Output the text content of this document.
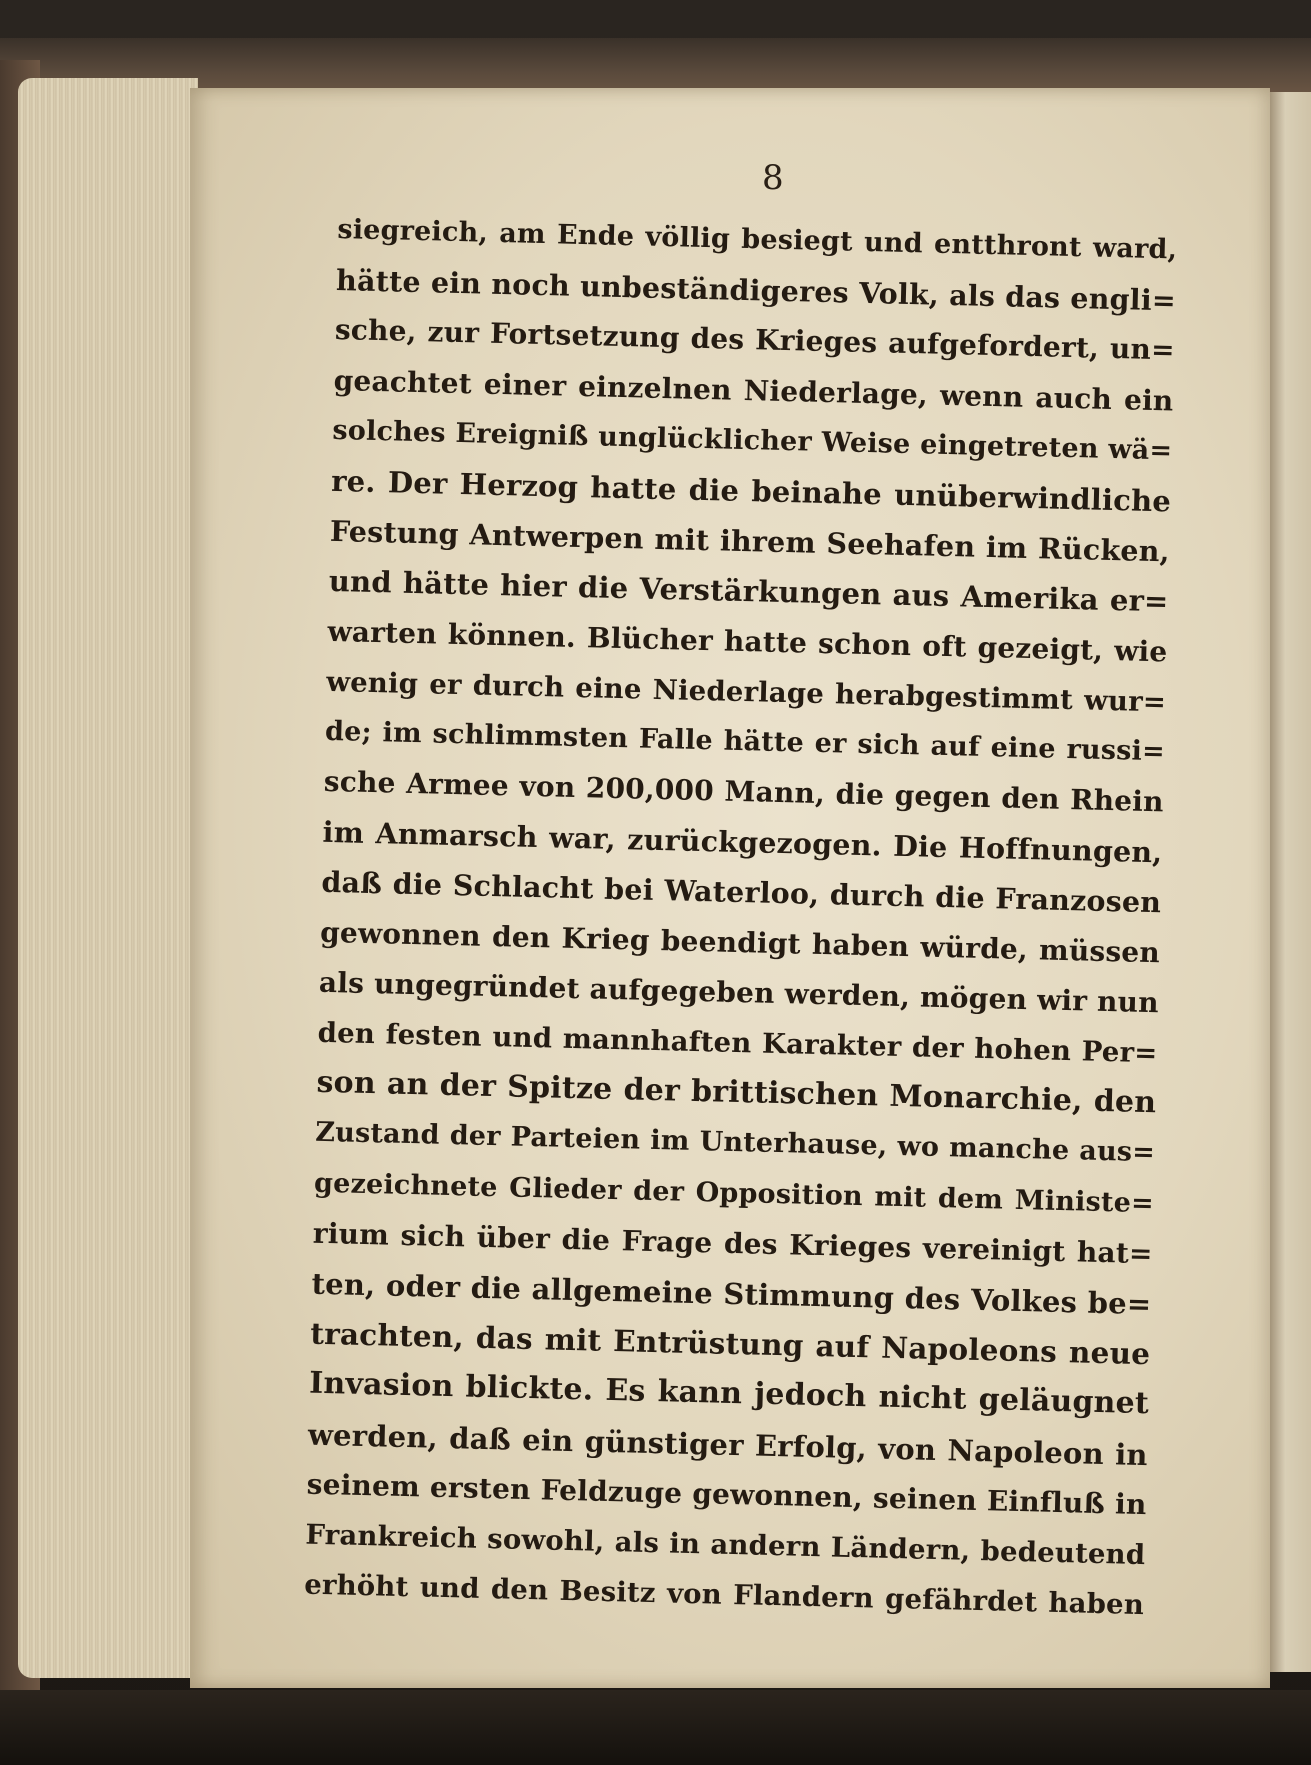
8
siegreich, am Ende völlig besiegt und entthront ward,
hätte ein noch unbeständigeres Volk, als das engli=
sche, zur Fortsetzung des Krieges aufgefordert, un=
geachtet einer einzelnen Niederlage, wenn auch ein
solches Ereigniß unglücklicher Weise eingetreten wä=
re. Der Herzog hatte die beinahe unüberwindliche
Festung Antwerpen mit ihrem Seehafen im Rücken,
und hätte hier die Verstärkungen aus Amerika er=
warten können. Blücher hatte schon oft gezeigt, wie
wenig er durch eine Niederlage herabgestimmt wur=
de; im schlimmsten Falle hätte er sich auf eine russi=
sche Armee von 200,000 Mann, die gegen den Rhein
im Anmarsch war, zurückgezogen. Die Hoffnungen,
daß die Schlacht bei Waterloo, durch die Franzosen
gewonnen den Krieg beendigt haben würde, müssen
als ungegründet aufgegeben werden, mögen wir nun
den festen und mannhaften Karakter der hohen Per=
son an der Spitze der brittischen Monarchie, den
Zustand der Parteien im Unterhause, wo manche aus=
gezeichnete Glieder der Opposition mit dem Ministe=
rium sich über die Frage des Krieges vereinigt hat=
ten, oder die allgemeine Stimmung des Volkes be=
trachten, das mit Entrüstung auf Napoleons neue
Invasion blickte. Es kann jedoch nicht geläugnet
werden, daß ein günstiger Erfolg, von Napoleon in
seinem ersten Feldzuge gewonnen, seinen Einfluß in
Frankreich sowohl, als in andern Ländern, bedeutend
erhöht und den Besitz von Flandern gefährdet haben
